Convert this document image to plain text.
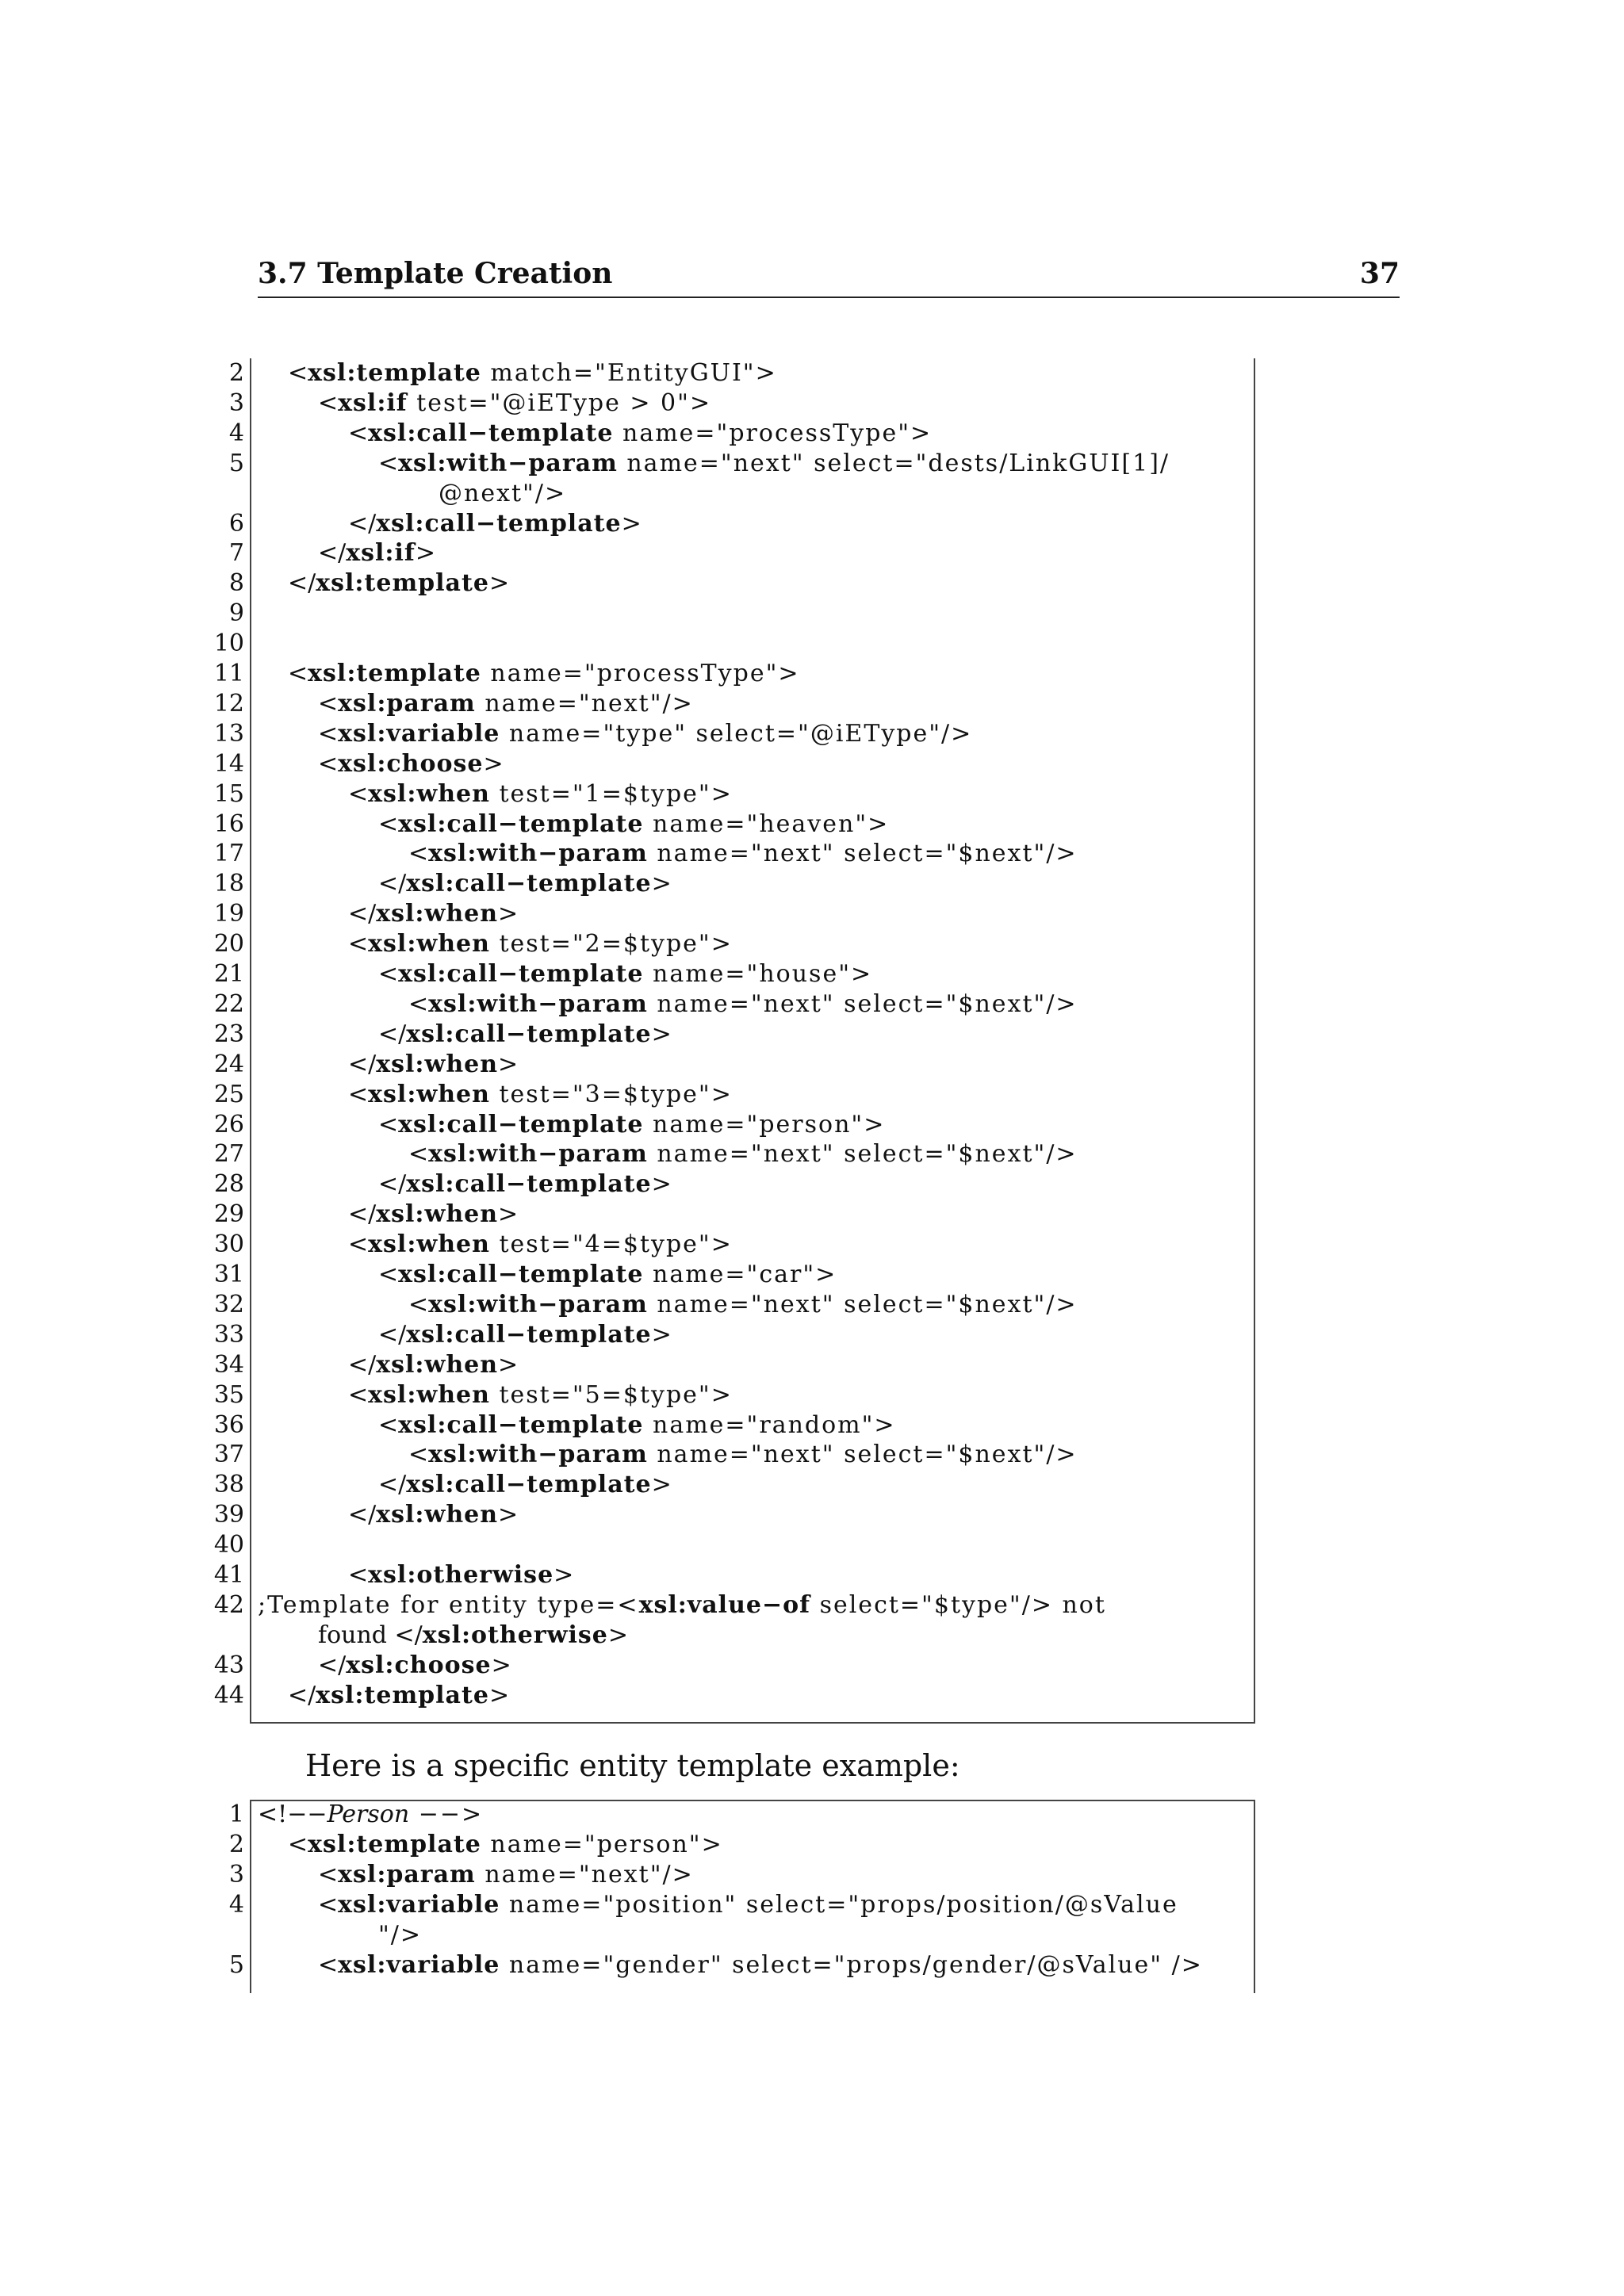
3.7 Template Creation	37
2 <xsl:template match="EntityGUI">
3	<xsl:if test="@iEType > 0">
4	<xsl:call−template name="processType">
5	<xsl:with−param name="next" select="dests/LinkGUI[1]/
@next"/>
6	</xsl:call−template>
7	</xsl:if>
8 </xsl:template>
9
10
11 <xsl:template name="processType">
12	<xsl:param name="next"/>
13	<xsl:variable name="type" select="@iEType"/>
14	<xsl:choose>
15	<xsl:when test="1=$type">
16	<xsl:call−template name="heaven">
17	<xsl:with−param name="next" select="$next"/>
18	</xsl:call−template>
19	</xsl:when>
20	<xsl:when test="2=$type">
21	<xsl:call−template name="house">
22	<xsl:with−param name="next" select="$next"/>
23	</xsl:call−template>
24	</xsl:when>
25	<xsl:when test="3=$type">
26	<xsl:call−template name="person">
27	<xsl:with−param name="next" select="$next"/>
28	</xsl:call−template>
29	</xsl:when>
30	<xsl:when test="4=$type">
31	<xsl:call−template name="car">
32	<xsl:with−param name="next" select="$next"/>
33	</xsl:call−template>
34	</xsl:when>
35	<xsl:when test="5=$type">
36	<xsl:call−template name="random">
37	<xsl:with−param name="next" select="$next"/>
38	</xsl:call−template>
39	</xsl:when>
40
41	<xsl:otherwise>
42 ;Template for entity type=<xsl:value−of select="$type"/> not
found </xsl:otherwise>
43	</xsl:choose>
44 </xsl:template>
Here is a specific entity template example:
1 <!−−Person −−>
2 <xsl:template name="person">
3	<xsl:param name="next"/>
4	<xsl:variable name="position" select="props/position/@sValue
"/>
5	<xsl:variable name="gender" select="props/gender/@sValue" />
